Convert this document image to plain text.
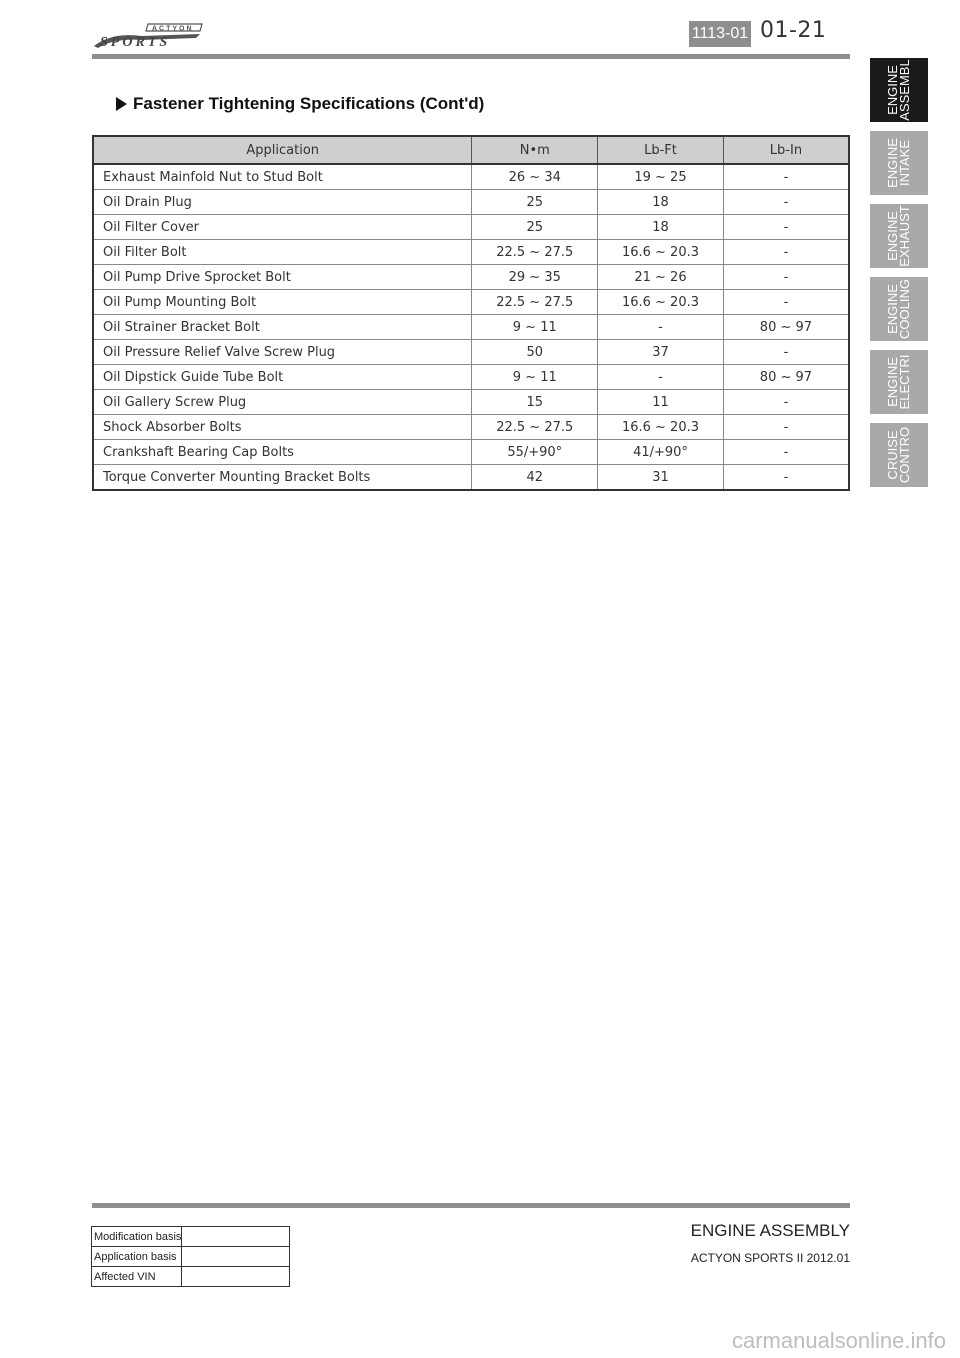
ACTYON
SPORTS
1113-01 01-21
Fastener Tightening Specifications (Cont'd)
Application	N•m	Lb-Ft	Lb-In
Exhaust Mainfold Nut to Stud Bolt	26 ~ 34	19 ~ 25	-
Oil Drain Plug	25	18	-
Oil Filter Cover	25	18	-
Oil Filter Bolt	22.5 ~ 27.5	16.6 ~ 20.3	-
Oil Pump Drive Sprocket Bolt	29 ~ 35	21 ~ 26	-
Oil Pump Mounting Bolt	22.5 ~ 27.5	16.6 ~ 20.3	-
Oil Strainer Bracket Bolt	9 ~ 11	-	80 ~ 97
Oil Pressure Relief Valve Screw Plug	50	37	-
Oil Dipstick Guide Tube Bolt	9 ~ 11	-	80 ~ 97
Oil Gallery Screw Plug	15	11	-
Shock Absorber Bolts	22.5 ~ 27.5	16.6 ~ 20.3	-
Crankshaft Bearing Cap Bolts	55/+90°	41/+90°	-
Torque Converter Mounting Bracket Bolts	42	31	-
ENGINE
ASSEMBL
ENGINE
INTAKE
ENGINE
EXHAUST
ENGINE
COOLING
ENGINE
ELECTRI
CRUISE
CONTRO
Modification basis	
Application basis	
Affected VIN	
ENGINE ASSEMBLY
ACTYON SPORTS II 2012.01
carmanualsonline.info
